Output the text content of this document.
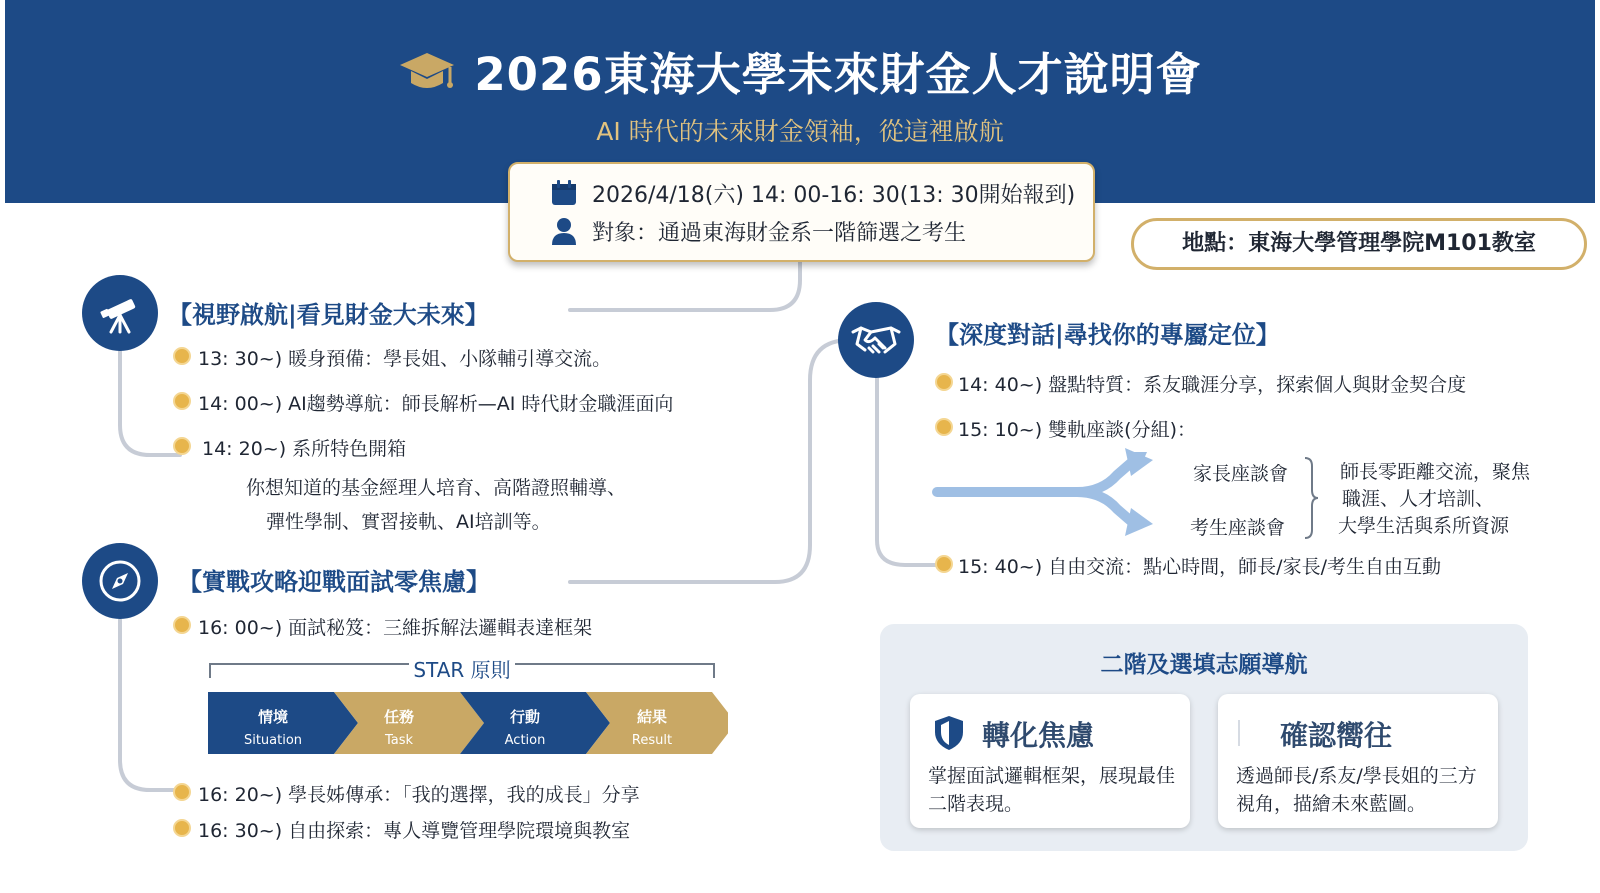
2026東海大學未來財金人才說明會
AI 時代的未來財金領袖，從這裡啟航
2026/4/18(六) 14: 00-16: 30(13: 30開始報到)
對象：通過東海財金系一階篩選之考生	地點：東海大學管理學院M101教室
【視野啟航|看見財金大未來】
13: 30~) 暖身預備：學長姐、小隊輔引導交流。
14: 00~) AI趨勢導航：師長解析—AI 時代財金職涯面向
14: 20~) 系所特色開箱
你想知道的基金經理人培育、高階證照輔導、
彈性學制、實習接軌、AI培訓等。
【實戰攻略迎戰面試零焦慮】
16: 00~) 面試秘笈：三維拆解法邏輯表達框架
STAR 原則
情境
Situation
任務
Task
行動
Action
結果
Result
16: 20~) 學長姊傳承：「我的選擇，我的成長」分享
16: 30~) 自由探索：專人導覽管理學院環境與教室
【深度對話|尋找你的專屬定位】
14: 40~) 盤點特質：系友職涯分享，探索個人與財金契合度
15: 10~) 雙軌座談(分組)：
家長座談會
考生座談會
師長零距離交流，聚焦
職涯、人才培訓、
大學生活與系所資源
15: 40~) 自由交流：點心時間，師長/家長/考生自由互動
二階及選填志願導航
轉化焦慮
掌握面試邏輯框架，展現最佳二階表現。
確認嚮往
透過師長/系友/學長姐的三方視角，描繪未來藍圖。
